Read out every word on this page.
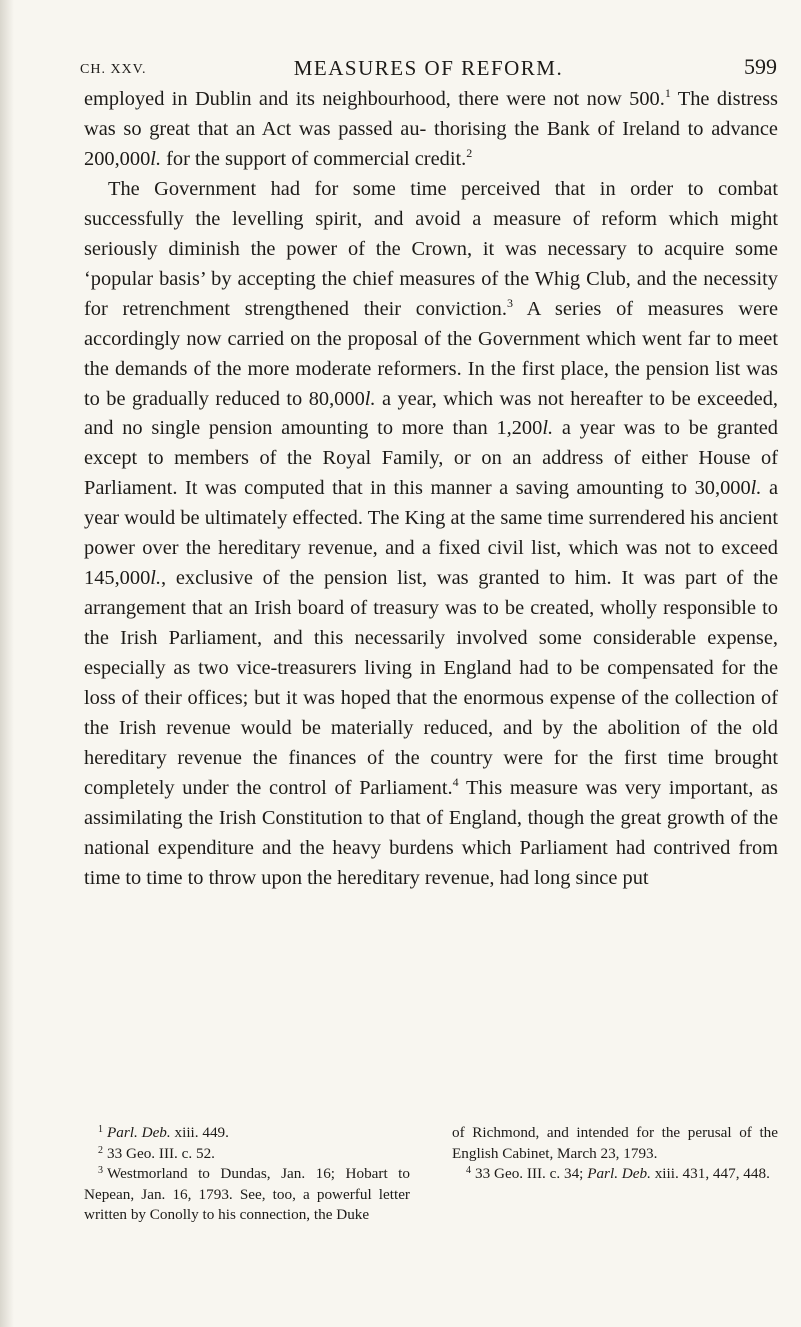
CH. XXV.	MEASURES OF REFORM.	599

employed in Dublin and its neighbourhood, there were not now 500.$^1$ The distress was so great that an Act was passed au- thorising the Bank of Ireland to advance 200,000l. for the support of commercial credit.$^2$

The Government had for some time perceived that in order to combat successfully the levelling spirit, and avoid a measure of reform which might seriously diminish the power of the Crown, it was necessary to acquire some ‘popular basis’ by accepting the chief measures of the Whig Club, and the necessity for retrenchment strengthened their conviction.$^3$ A series of measures were accordingly now carried on the proposal of the Government which went far to meet the demands of the more moderate reformers. In the first place, the pension list was to be gradually reduced to 80,000l. a year, which was not hereafter to be exceeded, and no single pension amounting to more than 1,200l. a year was to be granted except to members of the Royal Family, or on an address of either House of Parliament. It was computed that in this manner a saving amounting to 30,000l. a year would be ultimately effected. The King at the same time surrendered his ancient power over the hereditary revenue, and a fixed civil list, which was not to exceed 145,000l., exclusive of the pension list, was granted to him. It was part of the arrangement that an Irish board of treasury was to be created, wholly responsible to the Irish Parliament, and this necessarily involved some considerable expense, especially as two vice-treasurers living in England had to be compensated for the loss of their offices; but it was hoped that the enormous expense of the collection of the Irish revenue would be materially reduced, and by the abolition of the old hereditary revenue the finances of the country were for the first time brought completely under the control of Parliament.$^4$ This measure was very important, as assimilating the Irish Constitution to that of England, though the great growth of the national expenditure and the heavy burdens which Parliament had contrived from time to time to throw upon the hereditary revenue, had long since put

$^1$ Parl. Deb. xiii. 449.

$^2$ 33 Geo. III. c. 52.

$^3$ Westmorland to Dundas, Jan. 16; Hobart to Nepean, Jan. 16, 1793. See, too, a powerful letter written by Conolly to his connection, the Duke

of Richmond, and intended for the perusal of the English Cabinet, March 23, 1793.

$^4$ 33 Geo. III. c. 34; Parl. Deb. xiii. 431, 447, 448.
